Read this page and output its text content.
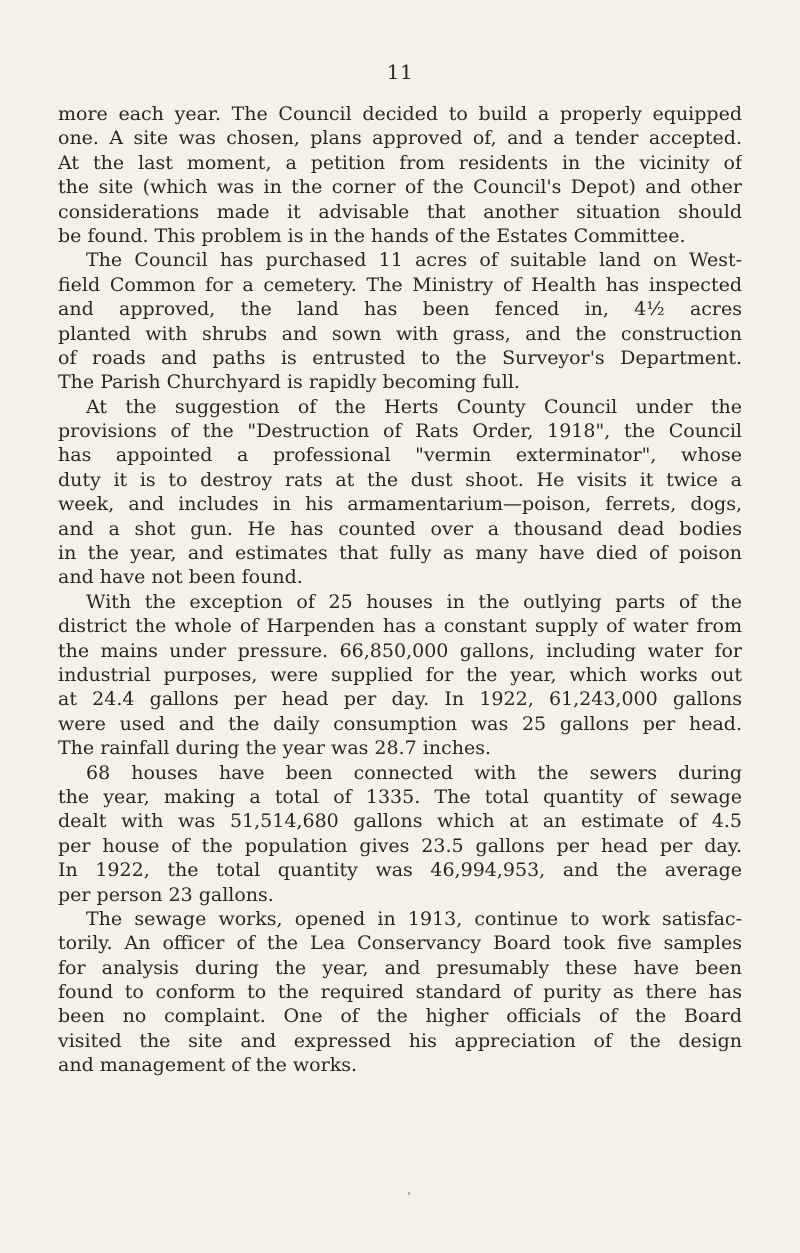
11
more each year. The Council decided to build a properly equipped
one. A site was chosen, plans approved of, and a tender accepted.
At the last moment, a petition from residents in the vicinity of
the site (which was in the corner of the Council's Depot) and other
considerations made it advisable that another situation should
be found. This problem is in the hands of the Estates Committee.
The Council has purchased 11 acres of suitable land on West-
field Common for a cemetery. The Ministry of Health has inspected
and approved, the land has been fenced in, 4½ acres
planted with shrubs and sown with grass, and the construction
of roads and paths is entrusted to the Surveyor's Department.
The Parish Churchyard is rapidly becoming full.
At the suggestion of the Herts County Council under the
provisions of the "Destruction of Rats Order, 1918", the Council
has appointed a professional "vermin exterminator", whose
duty it is to destroy rats at the dust shoot. He visits it twice a
week, and includes in his armamentarium—poison, ferrets, dogs,
and a shot gun. He has counted over a thousand dead bodies
in the year, and estimates that fully as many have died of poison
and have not been found.
With the exception of 25 houses in the outlying parts of the
district the whole of Harpenden has a constant supply of water from
the mains under pressure. 66,850,000 gallons, including water for
industrial purposes, were supplied for the year, which works out
at 24.4 gallons per head per day. In 1922, 61,243,000 gallons
were used and the daily consumption was 25 gallons per head.
The rainfall during the year was 28.7 inches.
68 houses have been connected with the sewers during
the year, making a total of 1335. The total quantity of sewage
dealt with was 51,514,680 gallons which at an estimate of 4.5
per house of the population gives 23.5 gallons per head per day.
In 1922, the total quantity was 46,994,953, and the average
per person 23 gallons.
The sewage works, opened in 1913, continue to work satisfac-
torily. An officer of the Lea Conservancy Board took five samples
for analysis during the year, and presumably these have been
found to conform to the required standard of purity as there has
been no complaint. One of the higher officials of the Board
visited the site and expressed his appreciation of the design
and management of the works.
